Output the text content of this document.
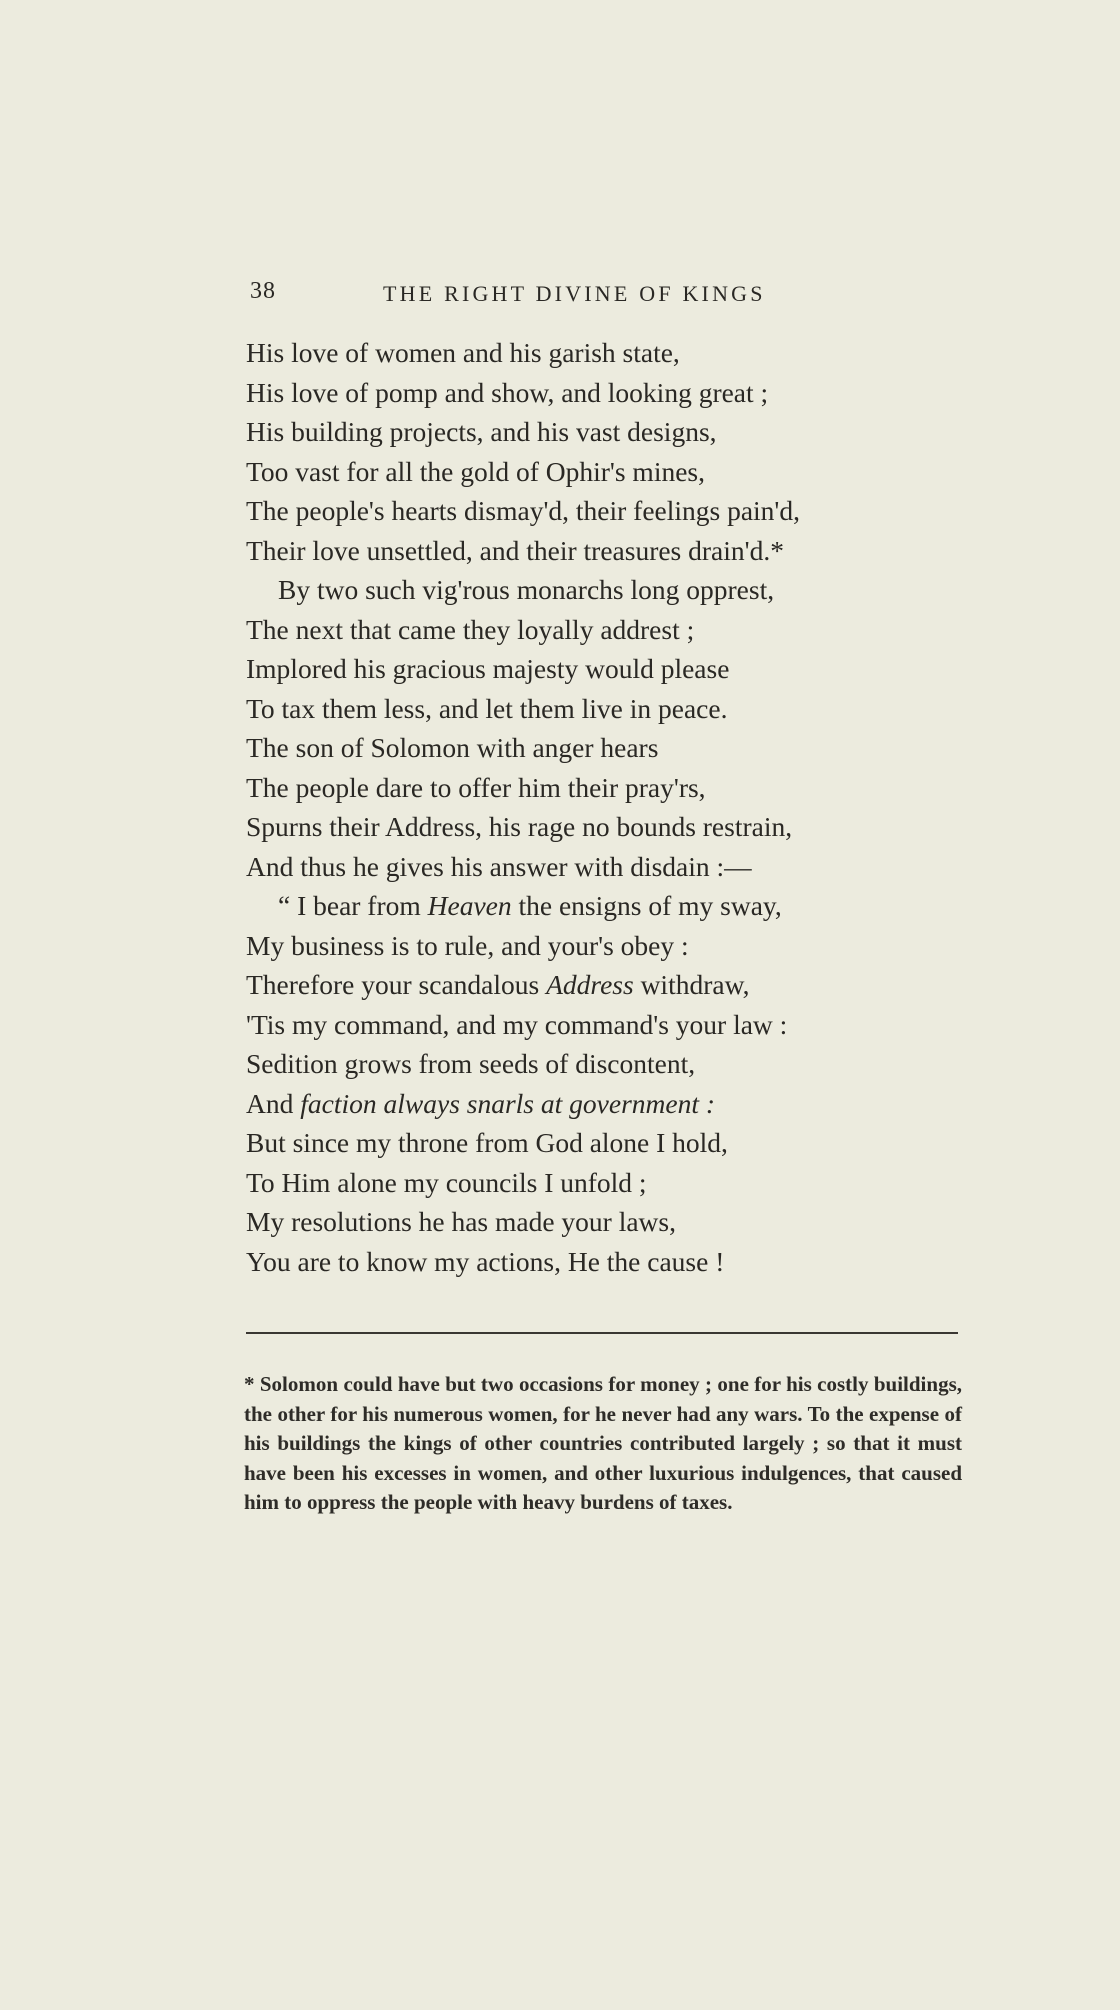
38	THE RIGHT DIVINE OF KINGS
His love of women and his garish state,
His love of pomp and show, and looking great ;
His building projects, and his vast designs,
Too vast for all the gold of Ophir's mines,
The people's hearts dismay'd, their feelings pain'd,
Their love unsettled, and their treasures drain'd.*
By two such vig'rous monarchs long opprest,
The next that came they loyally addrest ;
Implored his gracious majesty would please
To tax them less, and let them live in peace.
The son of Solomon with anger hears
The people dare to offer him their pray'rs,
Spurns their Address, his rage no bounds restrain,
And thus he gives his answer with disdain :—
“ I bear from Heaven the ensigns of my sway,
My business is to rule, and your's obey :
Therefore your scandalous Address withdraw,
'Tis my command, and my command's your law :
Sedition grows from seeds of discontent,
And faction always snarls at government :
But since my throne from God alone I hold,
To Him alone my councils I unfold ;
My resolutions he has made your laws,
You are to know my actions, He the cause !
* Solomon could have but two occasions for money ; one for his costly buildings, the other for his numerous women, for he never had any wars. To the expense of his buildings the kings of other countries contributed largely ; so that it must have been his excesses in women, and other luxurious indulgences, that caused him to oppress the people with heavy burdens of taxes.
